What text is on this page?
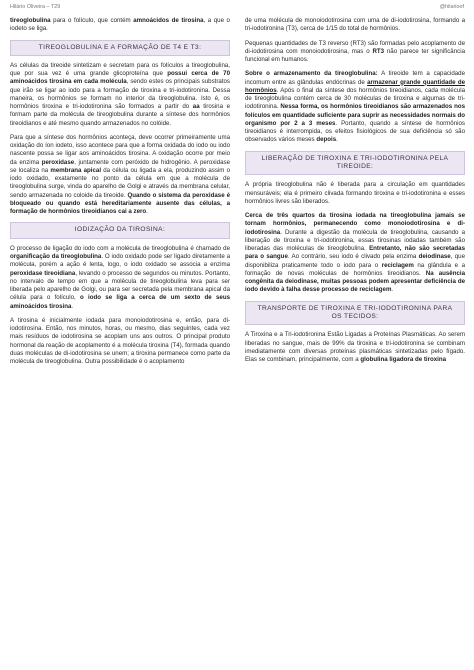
Hilário Oliveira – T29	@hilarioof

tireoglobulina para o folículo, que contém amnoácidos de tirosina, a que o iodeto se liga.

TIREOGLOBULINA E A FORMAÇÃO DE T4 E T3:

As células da tireoide sintetizam e secretam para os folículos a tireoglobulina, que por sua vez é uma grande glicoproteína que possui cerca de 70 aminoácidos tirosina em cada molécula, sendo estes os principais substratos que irão se ligar ao iodo para a formação de tiroxina e tri-iodotironina. Dessa maneira, os hormônios se formam no interior da tireoglobulina. Isto é, os hormônios tiroxina e tri-iodotironina são formados a partir do aa tirosina e formam parte da molécula de tireoglobulina durante a síntese dos hormônios tireoidianos e até mesmo quando armazenados no colóide.

Para que a síntese dos hormônios aconteça, deve ocorrer primeiramente uma oxidação do íon iodeto, isso acontece para que a forma oxidada do iodo ou iodo nascente possa se ligar aos aminoácidos tirosina. A oxidação ocorre por meio da enzima peroxidase, juntamente com peróxido de hidrogênio. A peroxidase se localiza na membrana apical da célula ou ligada a ela, produzindo assim o iodo oxidado, exatamente no ponto da célula em que a molécula de tireoglobulina surge, vinda do aparelho de Golgi e através da membrana celular, sendo armazenada no coloide da tireoide. Quando o sistema da peroxidase é bloqueado ou quando está hereditariamente ausente das células, a formação de hormônios tireoidianos cai a zero.

IODIZAÇÃO DA TIROSINA:

O processo de ligação do iodo com a molécula de tireoglobulina é chamado de organificação da tireoglobulina. O iodo oxidado pode ser ligado diretamente a molécula, porém a ação é lenta, logo, o iodo oxidado se associa a enzima peroxidase tireoidiana, levando o processo de segundos ou minutos. Portanto, no intervalo de tempo em que a molécula de tireoglobulina leva para ser liberada pelo aparelho de Golgi, ou para ser secretada pela membrana apical da célula para o folículo, o iodo se liga a cerca de um sexto de seus aminoácidos tirosina.

A tirosina é inicialmente iodada para monoiodotirosina e, então, para di-iodotirosina. Então, nos minutos, horas, ou mesmo, dias seguintes, cada vez mais resíduos de iodotirosina se acoplam uns aos outros. O principal produto hormonal da reação de acoplamento é a molécula tiroxina (T4), formada quando duas moléculas de di-iodotirosina se unem; a tiroxina permanece como parte da molécula de tireoglobulina. Outra possibilidade é o acoplamento

de uma molécula de monoiodotirosina com uma de di-iodotirosina, formando a tri-iodotironina (T3), cerca de 1/15 do total de hormônios.

Pequenas quantidades de T3 reverso (RT3) são formadas pelo acoplamento de di-iodotirosina com monoiodotirosina, mas o RT3 não parece ter significância funcional em humanos.

Sobre o armazenamento da tireoglobulina: A tireoide tem a capacidade incomum entre as glândulas endócrinas de armazenar grande quantidade de hormônios. Após o final da síntese dos hormônios tireoidianos, cada molécula de tireoglobulina contém cerca de 30 moléculas de tiroxina e algumas de tri-iodotironina. Nessa forma, os hormônios tireoidianos são armazenados nos folículos em quantidade suficiente para suprir as necessidades normais do organismo por 2 a 3 meses. Portanto, quando a síntese de hormônios tireoidianos é interrompida, os efeitos fisiológicos de sua deficiência só são observados vários meses depois.

LIBERAÇÃO DE TIROXINA E TRI-IODOTIRONINA PELA TIREOIDE:

A própria tireoglobulina não é liberada para a circulação em quantidades mensuráveis; ela é primeiro clivada formando tiroxina e tri-iodotironina e esses hormônios livres são liberados.

Cerca de três quartos da tirosina iodada na tireoglobulina jamais se tornam hormônios, permanecendo como monoiodotirosina e di-iodotirosina. Durante a digestão da molécula de tireoglobulina, causando a liberação de tiroxina e tri-iodotironina, essas tirosinas iodadas também são liberadas das moléculas de tireoglobulina. Entretanto, não são secretadas para o sangue. Ao contrário, seu iodo é clivado pela enzima deiodinase, que disponibiliza praticamente todo o iodo para o reciclagem na glândula e a formação de novas moléculas de hormônios tireoidianos. Na ausência congênita da deiodinase, muitas pessoas podem apresentar deficiência de iodo devido à falha desse processo de reciclagem.

TRANSPORTE DE TIROXINA E TRI-IODOTIRONINA PARA OS TECIDOS:

A Tiroxina e a Tri-iodotironina Estão Ligadas a Proteínas Plasmáticas. Ao serem liberadas no sangue, mais de 99% da tiroxina e tri-iodotironina se combinam imediatamente com diversas proteínas plasmáticas sintetizadas pelo fígado. Elas se combinam, principalmente, com a globulina ligadora de tiroxina
